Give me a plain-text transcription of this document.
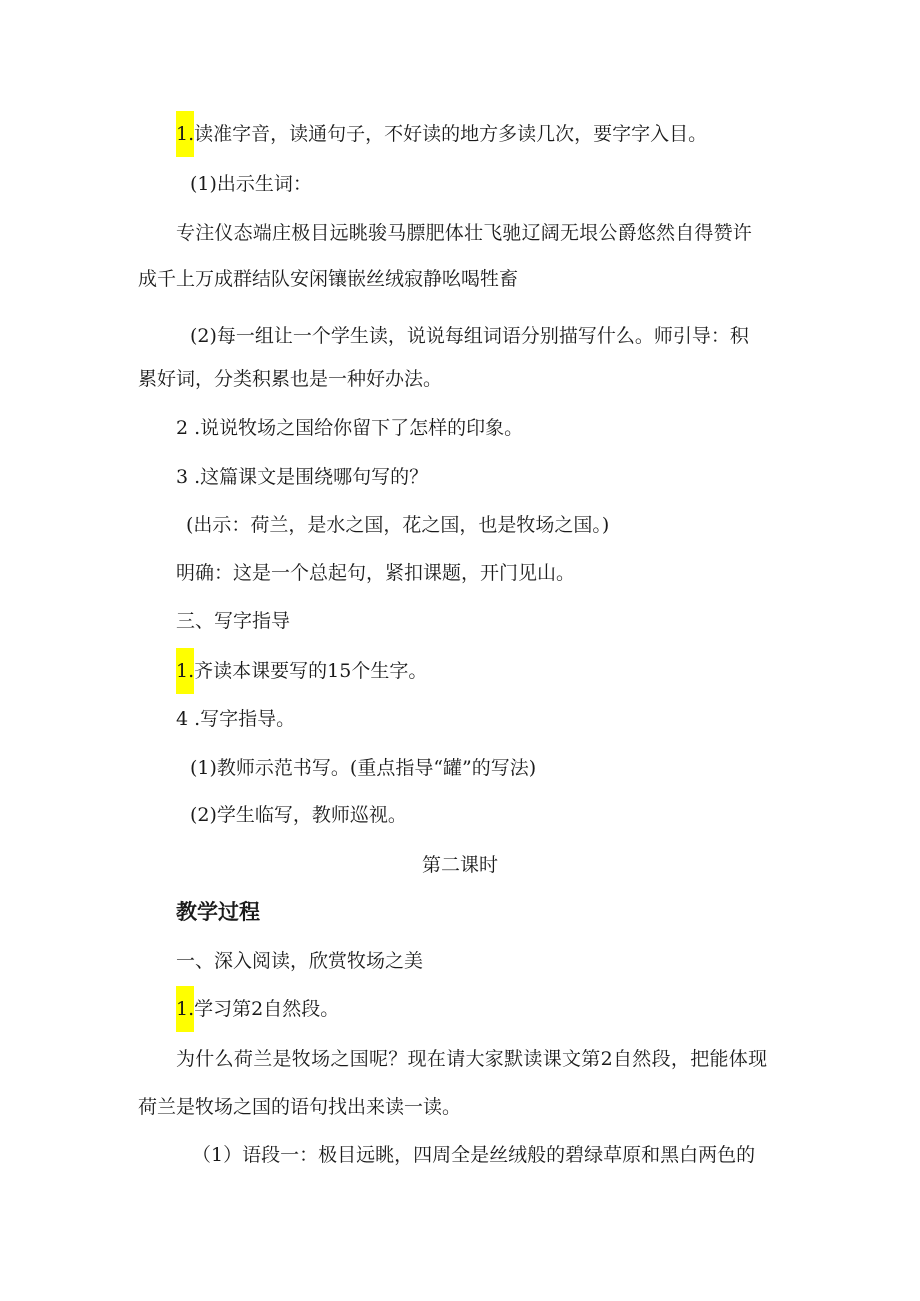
1.读准字音，读通句子，不好读的地方多读几次，要字字入目。
(1)出示生词：
专注仪态端庄极目远眺骏马膘肥体壮飞驰辽阔无垠公爵悠然自得赞许
成千上万成群结队安闲镶嵌丝绒寂静吆喝牲畜
(2)每一组让一个学生读，说说每组词语分别描写什么。师引导：积
累好词，分类积累也是一种好办法。
2 .说说牧场之国给你留下了怎样的印象。
3 .这篇课文是围绕哪句写的？
(出示：荷兰，是水之国，花之国，也是牧场之国。)
明确：这是一个总起句，紧扣课题，开门见山。
三、写字指导
1.齐读本课要写的15个生字。
4 .写字指导。
(1)教师示范书写。(重点指导“罐”的写法)
(2)学生临写，教师巡视。
第二课时
教学过程
一、深入阅读，欣赏牧场之美
1.学习第2自然段。
为什么荷兰是牧场之国呢？现在请大家默读课文第2自然段，把能体现
荷兰是牧场之国的语句找出来读一读。
（1）语段一：极目远眺，四周全是丝绒般的碧绿草原和黑白两色的
